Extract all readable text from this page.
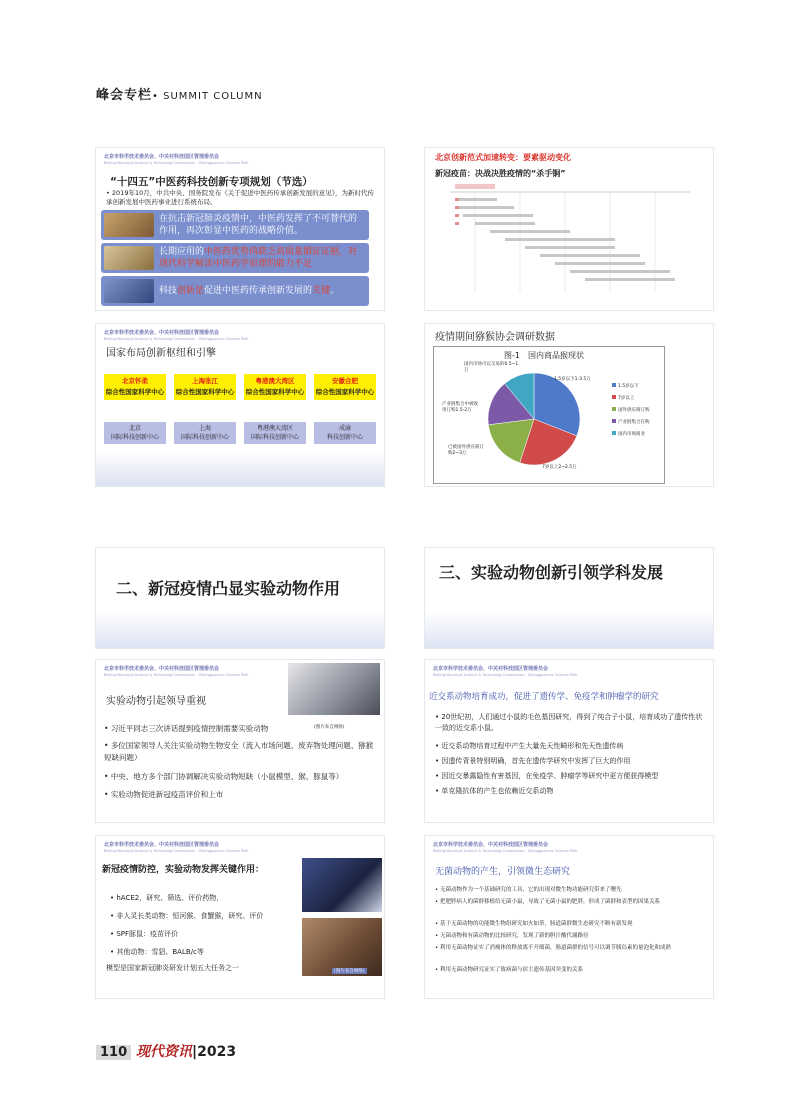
峰会专栏• SUMMIT COLUMN
北京市科学技术委员会、中关村科技园区管理委员会
Beijing Municipal Science & Technology Commission · Zhongguancun Science Park
“十四五”中医药科技创新专项规划（节选）
• 2019年10月，中共中央、国务院发布《关于促进中医药传承创新发展的意见》，为新时代传承创新发展中医药事业进行系统布局。
在抗击新冠肺炎疫情中，中医药发挥了不可替代的作用，再次彰显中医药的战略价值。
长期应用的中医药优势尚缺乏高质量循证证据，对现代科学解读中医药学原理的能力不足
科技创新是促进中医药传承创新发展的关键。
北京创新范式加速转变：要素驱动变化
新冠疫苗：决战决胜疫情的“杀手锏”
北京市科学技术委员会、中关村科技园区管理委员会
Beijing Municipal Science & Technology Commission · Zhongguancun Science Park
国家布局创新枢纽和引擎
北京怀柔
综合性国家科学中心
上海张江
综合性国家科学中心
粤港澳大湾区
综合性国家科学中心
安徽合肥
综合性国家科学中心
北京
国际科技创新中心
上海
国际科技创新中心
粤港澳大湾区
国际科技创新中心
成渝
科技创新中心
疫情期间猕猴协会调研数据
图-1　国内商品猴现状
国内市场可以交易的0.5~1万
1.5岁以下1-3.5万
产业链集合中被收用订购1.5-2万
已被国外供应商订购2~3万
7岁以上2~2.5万
1.5岁以下
7岁以上
国外供应商订购
产业链集合在购
国内市场商业
二、新冠疫情凸显实验动物作用
三、实验动物创新引领学科发展
北京市科学技术委员会、中关村科技园区管理委员会
Beijing Municipal Science & Technology Commission · Zhongguancun Science Park
实验动物引起领导重视
(图片来自网络)
• 习近平同志三次讲话提到疫情控制需要实验动物
• 多位国家领导人关注实验动物生物安全（流入市场问题、废弃物处理问题、猕猴短缺问题）
• 中央、地方多个部门协调解决实验动物短缺（小鼠模型、猴、豚鼠等）
• 实验动物促进新冠疫苗评价和上市
北京市科学技术委员会、中关村科技园区管理委员会
Beijing Municipal Science & Technology Commission · Zhongguancun Science Park
近交系动物培育成功，促进了遗传学、免疫学和肿瘤学的研究
• 20世纪初，人们通过小鼠的毛色基因研究，得到了纯合子小鼠，培育成功了遗传性状一致的近交系小鼠。
• 近交系动物培育过程中产生大量先天性畸形和先天性遗传病
• 因遗传背景特别明确，首先在遗传学研究中发挥了巨大的作用
• 因近交暴露隐性有害基因，在免疫学、肿瘤学等研究中更方便获得模型
• 单克隆抗体的产生也依赖近交系动物
北京市科学技术委员会、中关村科技园区管理委员会
Beijing Municipal Science & Technology Commission · Zhongguancun Science Park
新冠疫情防控，实验动物发挥关键作用：
(图片来自网络)
• hACE2，研究、筛选、评价药物，
• 非人灵长类动物：恒河猴、食蟹猴，研究、评价
• SPF豚鼠：疫苗评价
• 其他动物：雪貂、BALB/c等
模型是国家新冠肺炎研发计划五大任务之一
北京市科学技术委员会、中关村科技园区管理委员会
Beijing Municipal Science & Technology Commission · Zhongguancun Science Park
无菌动物的产生，引领微生态研究
• 无菌动物作为一个基础研究的工具，它的出现对微生物功能研究带来了曙光
• 把肥胖病人的菌群移植给无菌小鼠，导致了无菌小鼠的肥胖，形成了菌群和表型的因果关系
• 基于无菌动物的功能微生物组研究如火如荼，肠道菌群微生态研究不断有新发现
• 无菌动物和有菌动物的比较研究，发现了新的胆汁酸代谢路径
• 利用无菌动物证实了消瘦体的释放离不开细菌，肠道菌群的信号可以调节胰岛素的量泡化和成熟
• 利用无菌动物研究证实了致病菌与宿主遗传基因突变的关系
110 现代资讯|2023
